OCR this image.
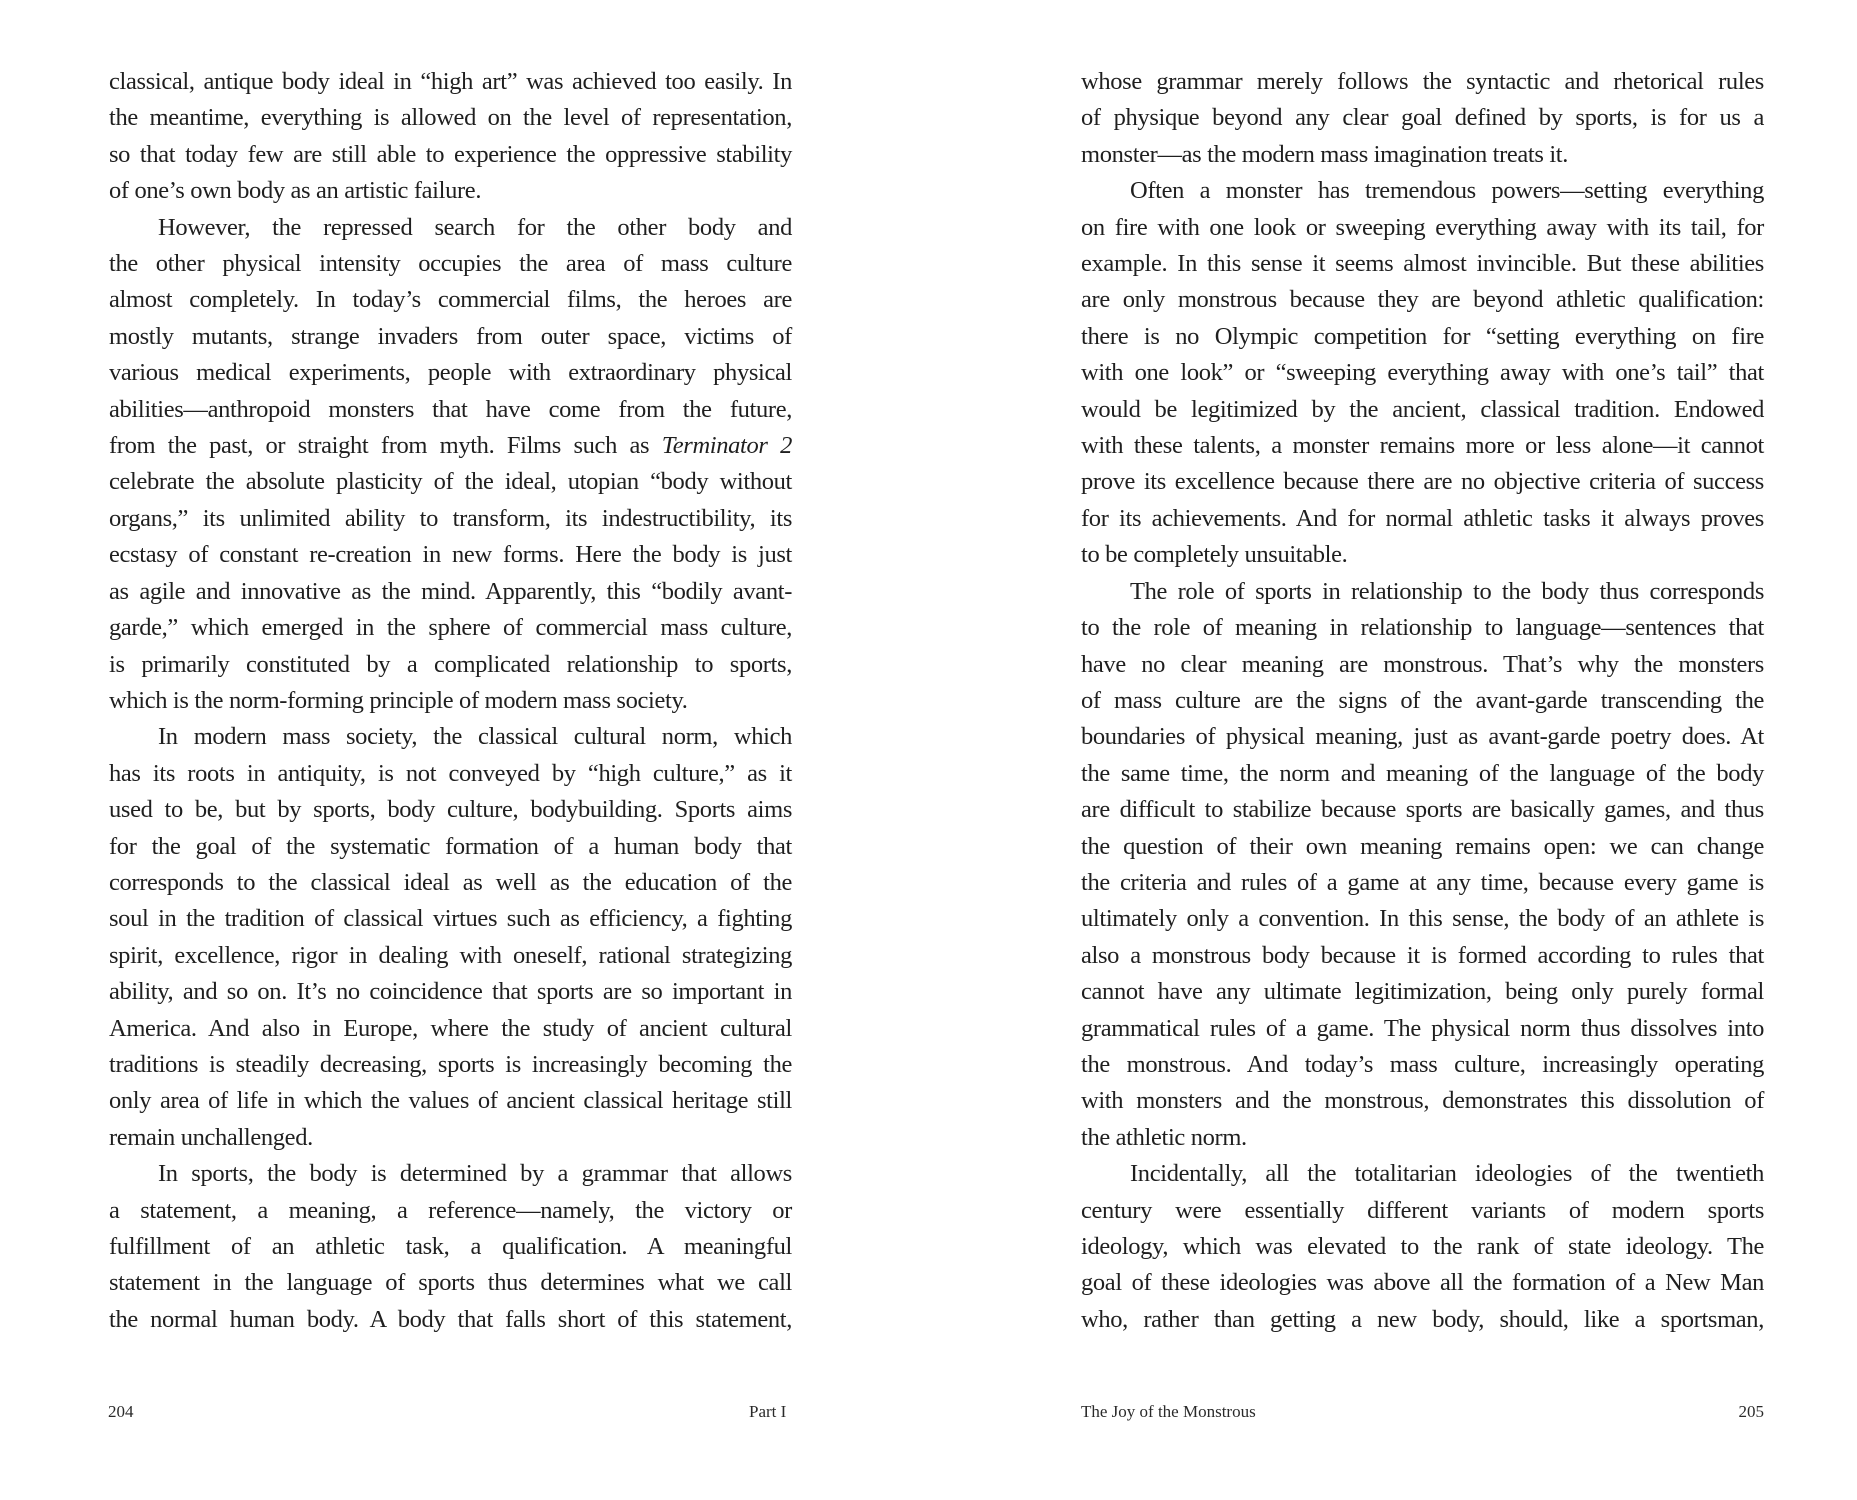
classical, antique body ideal in “high art” was achieved too easily. In
the meantime, everything is allowed on the level of representation,
so that today few are still able to experience the oppressive stability
of one’s own body as an artistic failure.
However, the repressed search for the other body and
the other physical intensity occupies the area of mass culture
almost completely. In today’s commercial films, the heroes are
mostly mutants, strange invaders from outer space, victims of
various medical experiments, people with extraordinary physical
abilities—anthropoid monsters that have come from the future,
from the past, or straight from myth. Films such as Terminator 2
celebrate the absolute plasticity of the ideal, utopian “body without
organs,” its unlimited ability to transform, its indestructibility, its
ecstasy of constant re-creation in new forms. Here the body is just
as agile and innovative as the mind. Apparently, this “bodily avant-
garde,” which emerged in the sphere of commercial mass culture,
is primarily constituted by a complicated relationship to sports,
which is the norm-forming principle of modern mass society.
In modern mass society, the classical cultural norm, which
has its roots in antiquity, is not conveyed by “high culture,” as it
used to be, but by sports, body culture, bodybuilding. Sports aims
for the goal of the systematic formation of a human body that
corresponds to the classical ideal as well as the education of the
soul in the tradition of classical virtues such as efficiency, a fighting
spirit, excellence, rigor in dealing with oneself, rational strategizing
ability, and so on. It’s no coincidence that sports are so important in
America. And also in Europe, where the study of ancient cultural
traditions is steadily decreasing, sports is increasingly becoming the
only area of life in which the values of ancient classical heritage still
remain unchallenged.
In sports, the body is determined by a grammar that allows
a statement, a meaning, a reference—namely, the victory or
fulfillment of an athletic task, a qualification. A meaningful
statement in the language of sports thus determines what we call
the normal human body. A body that falls short of this statement,
204	Part I
whose grammar merely follows the syntactic and rhetorical rules
of physique beyond any clear goal defined by sports, is for us a
monster—as the modern mass imagination treats it.
Often a monster has tremendous powers—setting everything
on fire with one look or sweeping everything away with its tail, for
example. In this sense it seems almost invincible. But these abilities
are only monstrous because they are beyond athletic qualification:
there is no Olympic competition for “setting everything on fire
with one look” or “sweeping everything away with one’s tail” that
would be legitimized by the ancient, classical tradition. Endowed
with these talents, a monster remains more or less alone—it cannot
prove its excellence because there are no objective criteria of success
for its achievements. And for normal athletic tasks it always proves
to be completely unsuitable.
The role of sports in relationship to the body thus corresponds
to the role of meaning in relationship to language—sentences that
have no clear meaning are monstrous. That’s why the monsters
of mass culture are the signs of the avant-garde transcending the
boundaries of physical meaning, just as avant-garde poetry does. At
the same time, the norm and meaning of the language of the body
are difficult to stabilize because sports are basically games, and thus
the question of their own meaning remains open: we can change
the criteria and rules of a game at any time, because every game is
ultimately only a convention. In this sense, the body of an athlete is
also a monstrous body because it is formed according to rules that
cannot have any ultimate legitimization, being only purely formal
grammatical rules of a game. The physical norm thus dissolves into
the monstrous. And today’s mass culture, increasingly operating
with monsters and the monstrous, demonstrates this dissolution of
the athletic norm.
Incidentally, all the totalitarian ideologies of the twentieth
century were essentially different variants of modern sports
ideology, which was elevated to the rank of state ideology. The
goal of these ideologies was above all the formation of a New Man
who, rather than getting a new body, should, like a sportsman,
The Joy of the Monstrous	205
